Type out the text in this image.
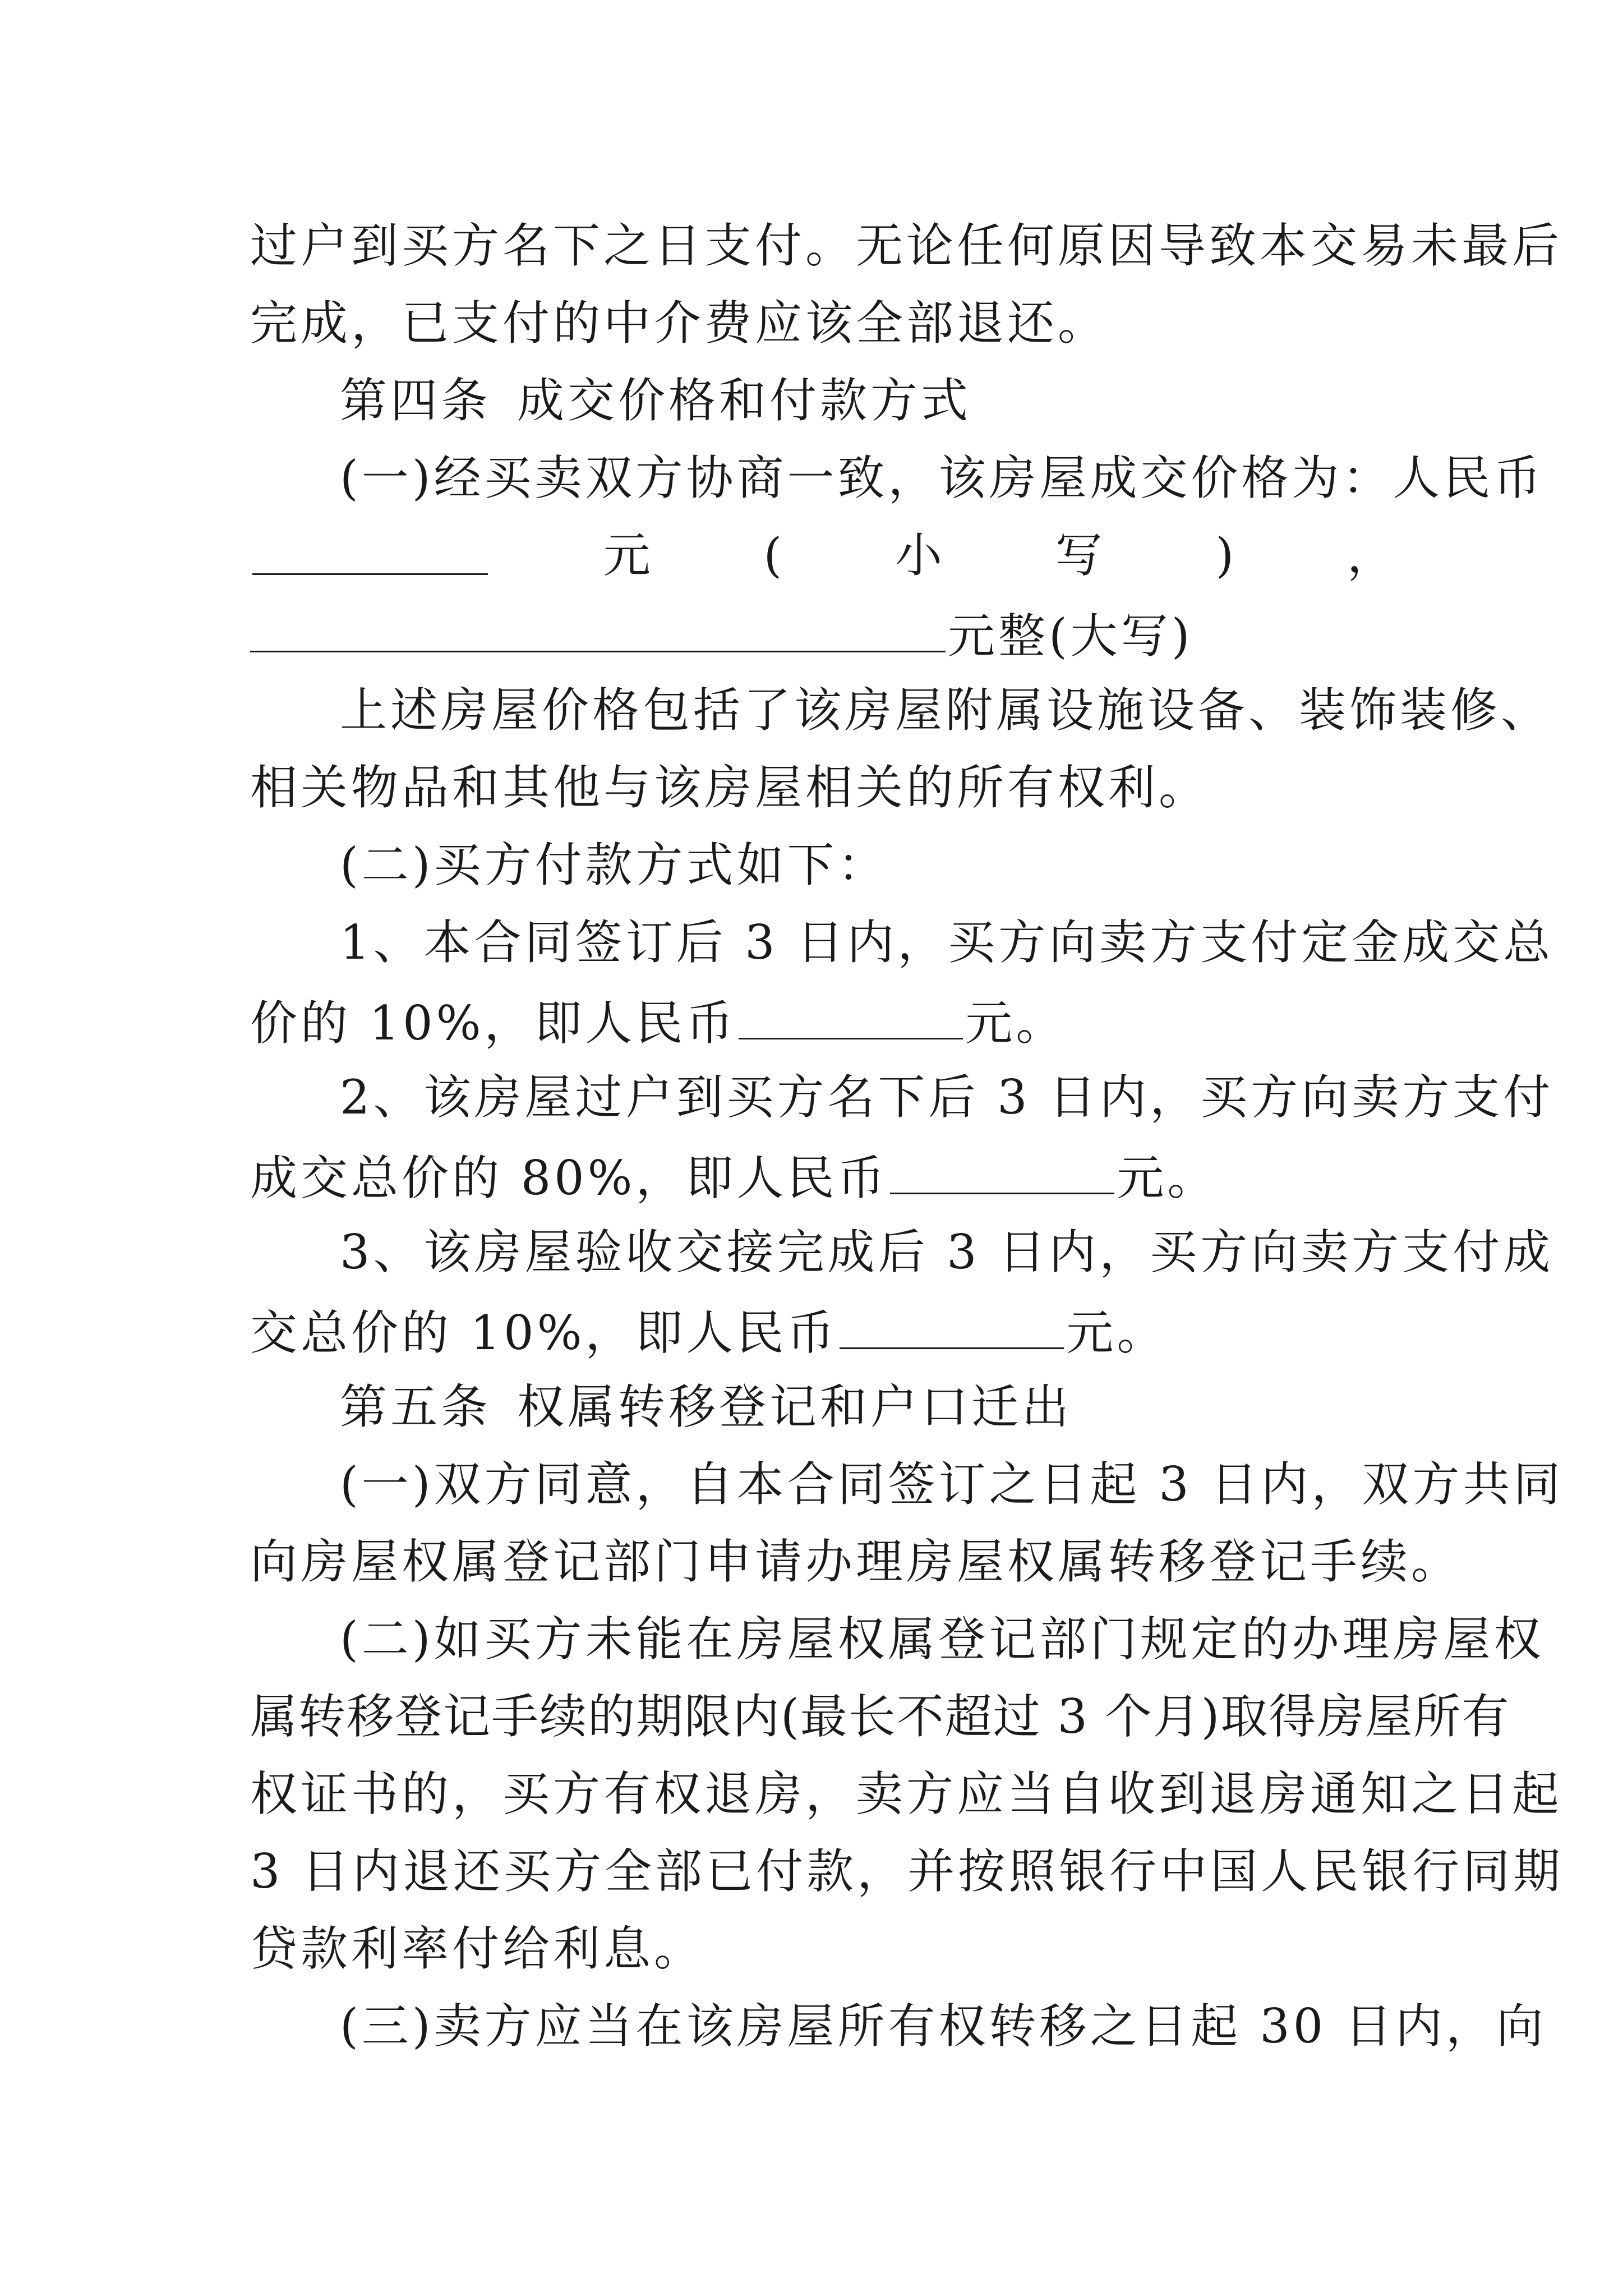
过户到买方名下之日支付。无论任何原因导致本交易未最后
完成，已支付的中介费应该全部退还。
第四条 成交价格和付款方式
(一)经买卖双方协商一致，该房屋成交价格为：人民币
元 ( 小 写 ) ，
元整(大写)
上述房屋价格包括了该房屋附属设施设备、装饰装修、
相关物品和其他与该房屋相关的所有权利。
(二)买方付款方式如下：
1、本合同签订后 3 日内，买方向卖方支付定金成交总
价的 10%，即人民币	元。
2、该房屋过户到买方名下后 3 日内，买方向卖方支付
成交总价的 80%，即人民币	元。
3、该房屋验收交接完成后 3 日内，买方向卖方支付成
交总价的 10%，即人民币	元。
第五条 权属转移登记和户口迁出
(一)双方同意，自本合同签订之日起 3 日内，双方共同
向房屋权属登记部门申请办理房屋权属转移登记手续。
(二)如买方未能在房屋权属登记部门规定的办理房屋权
属转移登记手续的期限内(最长不超过 3 个月)取得房屋所有
权证书的，买方有权退房，卖方应当自收到退房通知之日起
3 日内退还买方全部已付款，并按照银行中国人民银行同期
贷款利率付给利息。
(三)卖方应当在该房屋所有权转移之日起 30 日内，向
